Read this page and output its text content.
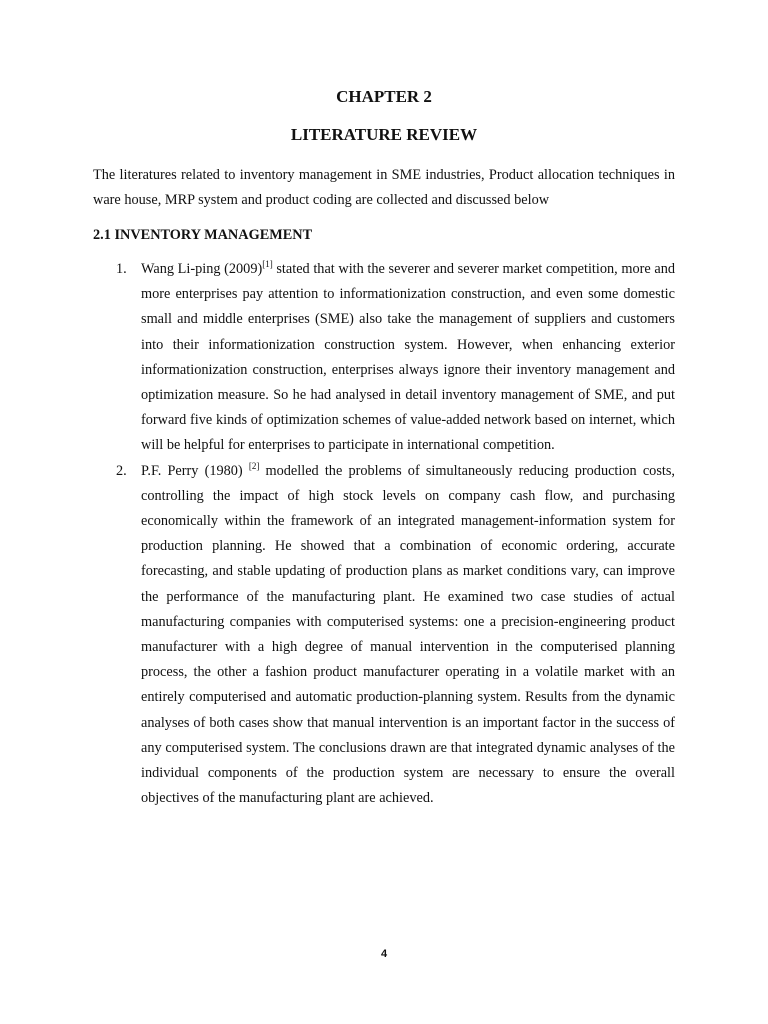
CHAPTER 2
LITERATURE REVIEW

The literatures related to inventory management in SME industries, Product allocation techniques in ware house, MRP system and product coding are collected and discussed below

2.1 INVENTORY MANAGEMENT
1. Wang Li-ping (2009)[1] stated that with the severer and severer market competition, more and more enterprises pay attention to informationization construction, and even some domestic small and middle enterprises (SME) also take the management of suppliers and customers into their informationization construction system. However, when enhancing exterior informationization construction, enterprises always ignore their inventory management and optimization measure. So he had analysed in detail inventory management of SME, and put forward five kinds of optimization schemes of value-added network based on internet, which will be helpful for enterprises to participate in international competition.
2. P.F. Perry (1980) [2] modelled the problems of simultaneously reducing production costs, controlling the impact of high stock levels on company cash flow, and purchasing economically within the framework of an integrated management-information system for production planning. He showed that a combination of economic ordering, accurate forecasting, and stable updating of production plans as market conditions vary, can improve the performance of the manufacturing plant. He examined two case studies of actual manufacturing companies with computerised systems: one a precision-engineering product manufacturer with a high degree of manual intervention in the computerised planning process, the other a fashion product manufacturer operating in a volatile market with an entirely computerised and automatic production-planning system. Results from the dynamic analyses of both cases show that manual intervention is an important factor in the success of any computerised system. The conclusions drawn are that integrated dynamic analyses of the individual components of the production system are necessary to ensure the overall objectives of the manufacturing plant are achieved.
4
